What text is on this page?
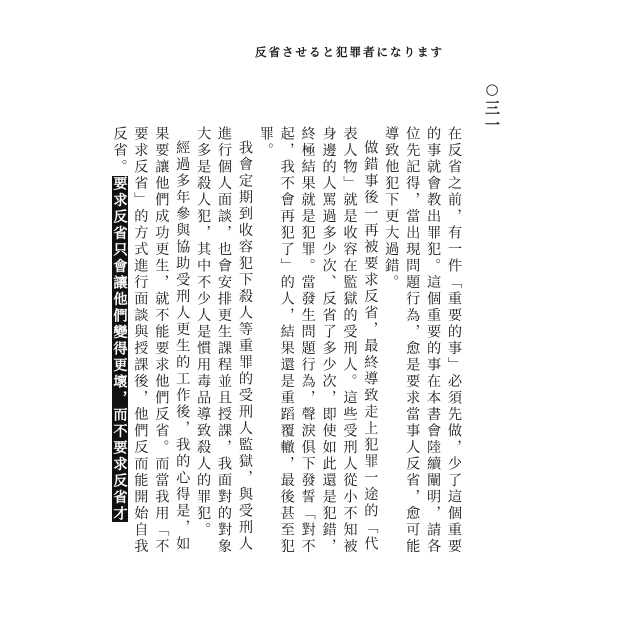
反省させると犯罪者になります
○三一

在反省之前，有一件「重要的事」必須先做，少了這個重要的事就會教出罪犯。這個重要的事在本書會陸續闡明，請各位先記得，當出現問題行為，愈是要求當事人反省，愈可能導致他犯下更大過錯。

做錯事後一再被要求反省，最終導致走上犯罪一途的「代表人物」就是收容在監獄的受刑人。這些受刑人從小不知被身邊的人罵過多少次、反省了多少次，即使如此還是犯錯，終極結果就是犯罪。當發生問題行為，聲淚俱下發誓「對不起，我不會再犯了」的人，結果還是重蹈覆轍，最後甚至犯罪。

我會定期到收容犯下殺人等重罪的受刑人監獄，與受刑人進行個人面談，也會安排更生課程並且授課，我面對的對象大多是殺人犯，其中不少人是慣用毒品導致殺人的罪犯。

經過多年參與協助受刑人更生的工作後，我的心得是，如果要讓他們成功更生，就不能要求他們反省。而當我用「不要求反省」的方式進行面談與授課後，他們反而能開始自我反省。要求反省只會讓他們變得更壞，而不要求反省才
